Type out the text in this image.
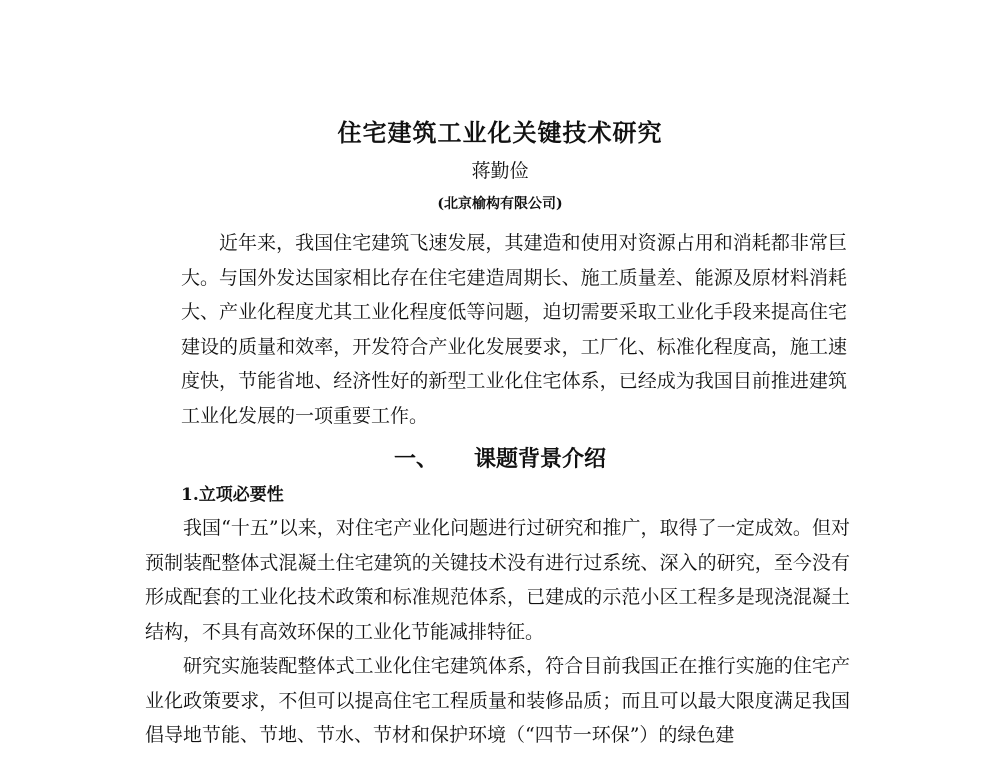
住宅建筑工业化关键技术研究
蒋勤俭
(北京榆构有限公司)

近年来，我国住宅建筑飞速发展，其建造和使用对资源占用和消耗都非常巨大。与国外发达国家相比存在住宅建造周期长、施工质量差、能源及原材料消耗大、产业化程度尤其工业化程度低等问题，迫切需要采取工业化手段来提高住宅建设的质量和效率，开发符合产业化发展要求，工厂化、标准化程度高，施工速度快，节能省地、经济性好的新型工业化住宅体系，已经成为我国目前推进建筑工业化发展的一项重要工作。

一、 课题背景介绍
1.立项必要性

我国“十五”以来，对住宅产业化问题进行过研究和推广，取得了一定成效。但对预制装配整体式混凝土住宅建筑的关键技术没有进行过系统、深入的研究，至今没有形成配套的工业化技术政策和标准规范体系，已建成的示范小区工程多是现浇混凝土结构，不具有高效环保的工业化节能减排特征。

研究实施装配整体式工业化住宅建筑体系，符合目前我国正在推行实施的住宅产业化政策要求，不但可以提高住宅工程质量和装修品质；而且可以最大限度满足我国倡导地节能、节地、节水、节材和保护环境（“四节一环保”）的绿色建
